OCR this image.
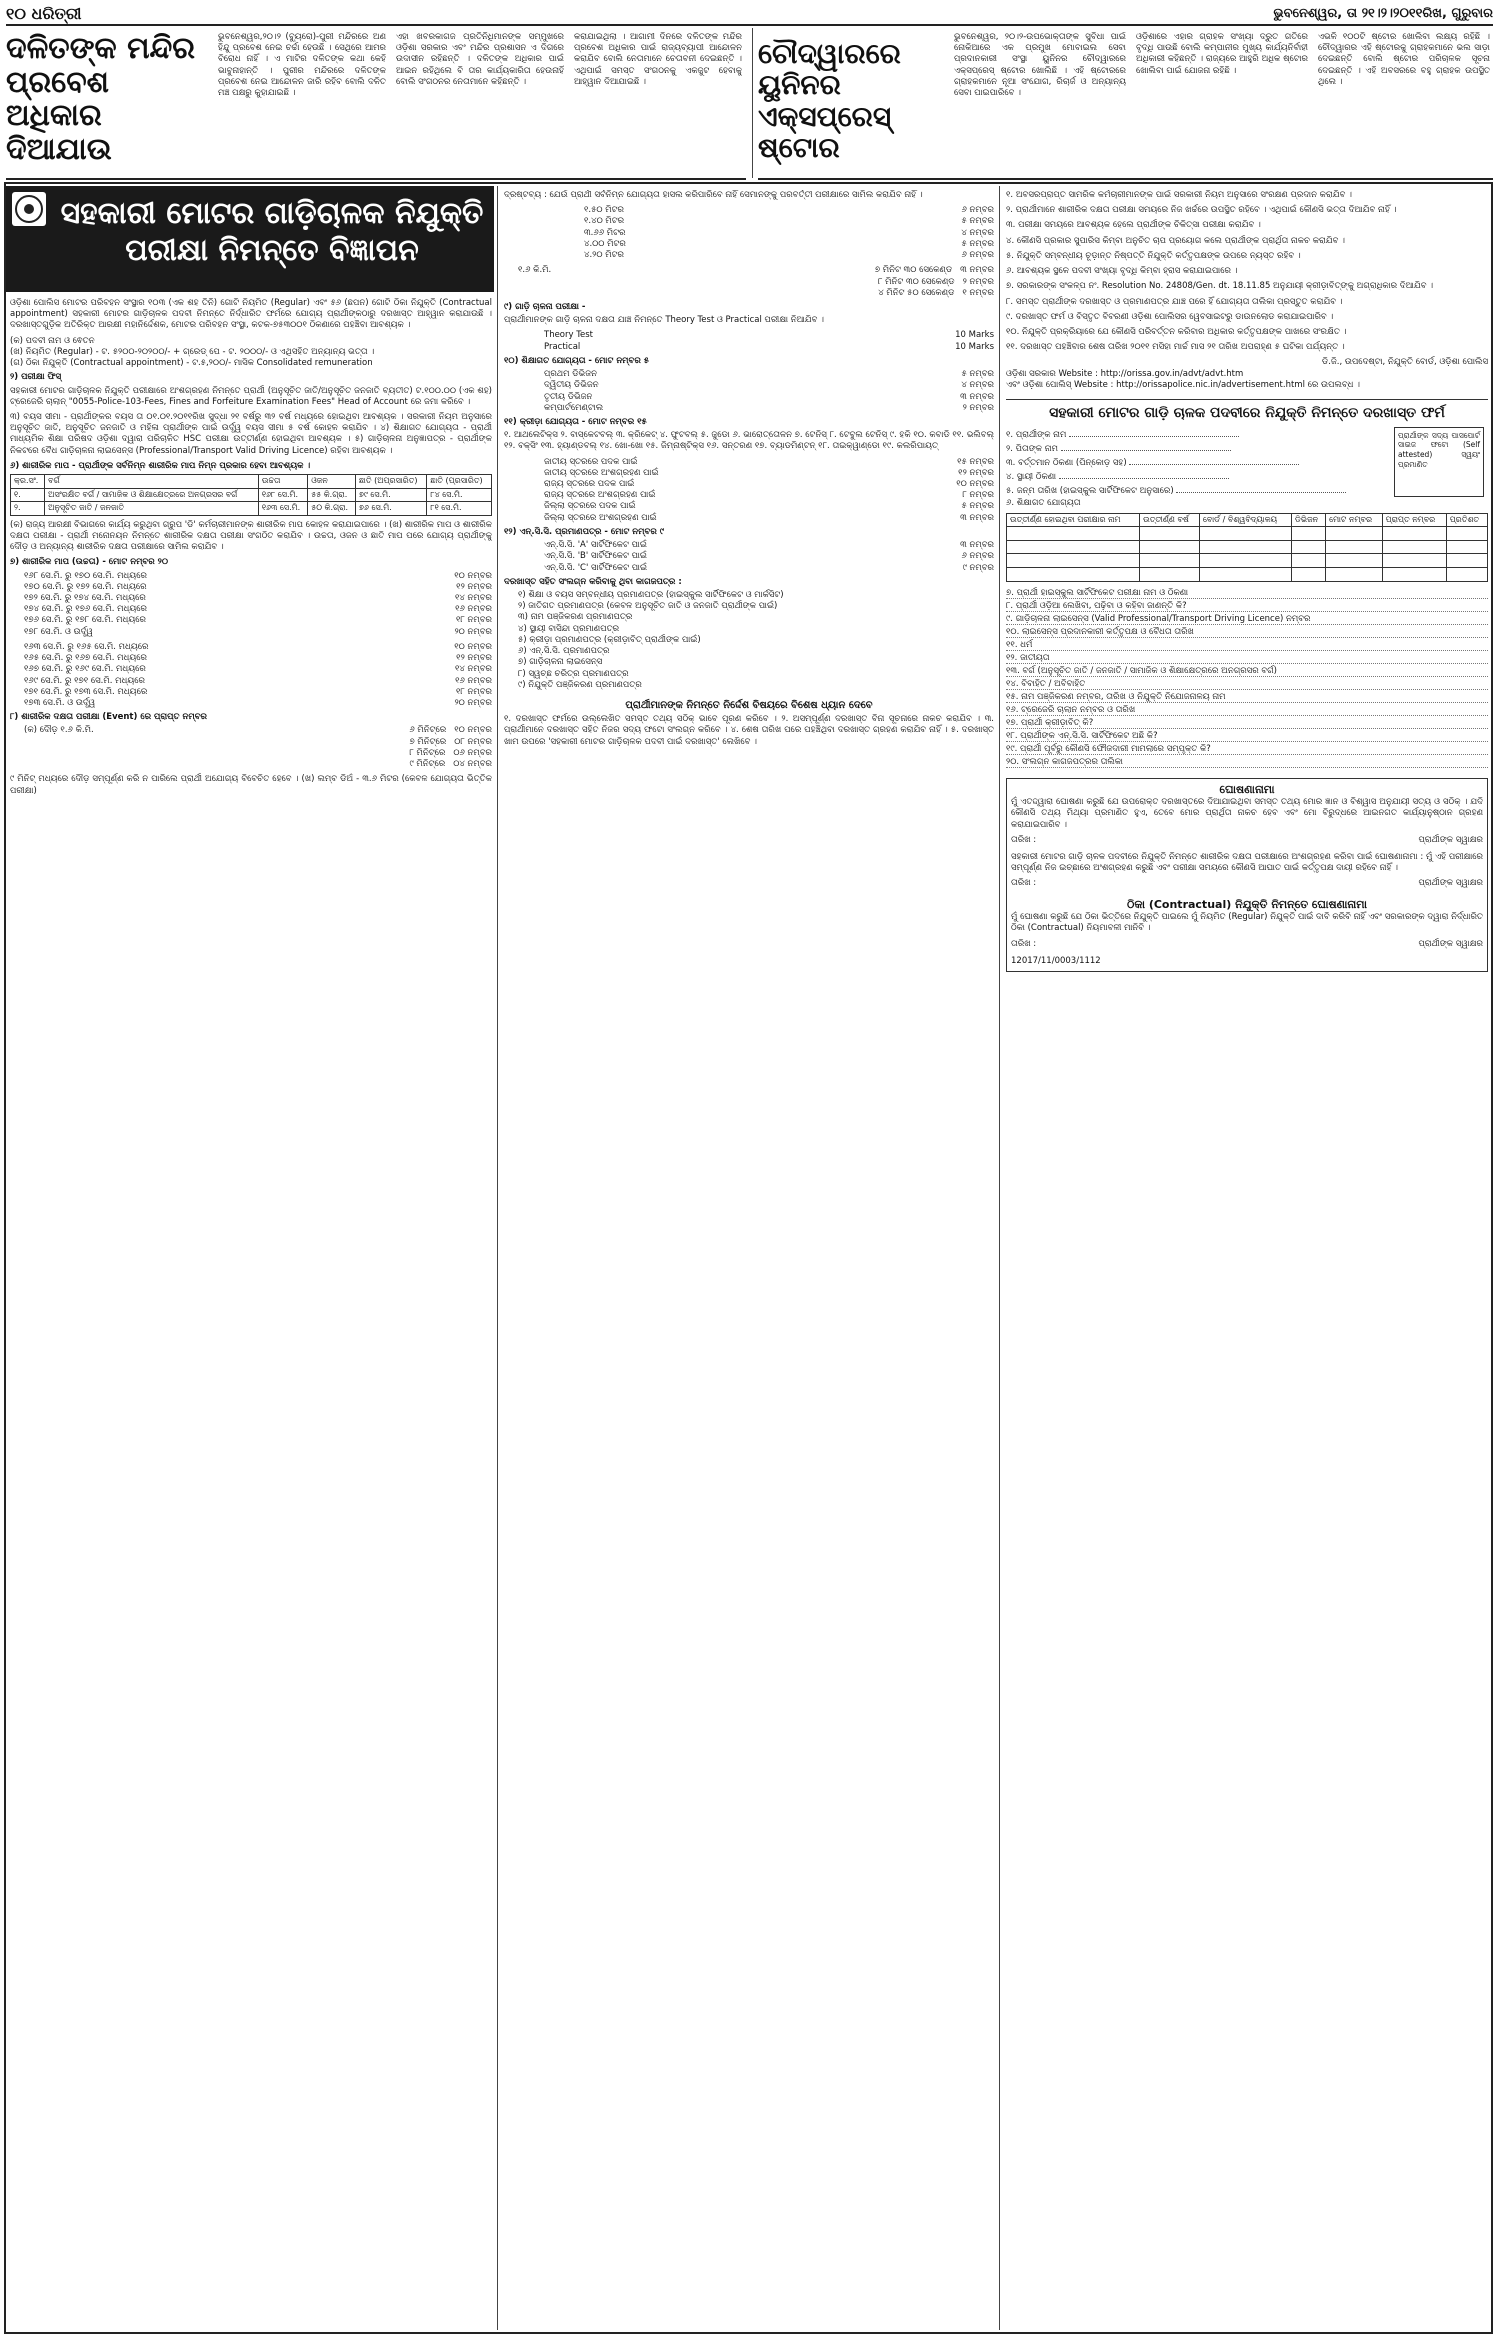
୧୦ ଧରିତ୍ରୀ	ଭୁବନେଶ୍ୱର, ତା ୨୧।୨।୨୦୧୧ରିଖ, ଗୁରୁବାର
ଦଳିତଙ୍କ ମନ୍ଦିର ପ୍ରବେଶ ଅଧିକାର ଦିଆଯାଉ
ଭୁବନେଶ୍ୱର,୨୦।୨ (ବ୍ୟୁରୋ)-ପୁରୀ ମନ୍ଦିରରେ ଅଣ ହିନ୍ଦୁ ପ୍ରବେଶ ନେଇ ଚର୍ଚ୍ଚା ହେଉଛି । ସେଥିରେ ଆମର ବିରୋଧ ନାହିଁ । ଏ ମାଟିର ଦଳିତଙ୍କ କଥା କେହି ଭାବୁନାହାନ୍ତି । ପୁରୀର ମନ୍ଦିରରେ ଦଳିତଙ୍କ ପ୍ରବେଶ ନେଇ ଆନ୍ଦୋଳନ ଜାରି ରହିବ ବୋଲି ଦଳିତ ମଞ୍ଚ ପକ୍ଷରୁ କୁହାଯାଇଛି ।
ଏହା ଖବରକାଗଜ ପ୍ରତିନିଧିମାନଙ୍କ ସମ୍ମୁଖରେ ଓଡ଼ିଶା ସରକାର ଏବଂ ମନ୍ଦିର ପ୍ରଶାସନ ଏ ଦିଗରେ ଉଦାସୀନ ରହିଛନ୍ତି । ଦଳିତଙ୍କ ଅଧିକାର ପାଇଁ ଆଇନ ରହିଥିଲେ ବି ତାର କାର୍ଯ୍ୟକାରିତା ହେଉନାହିଁ ବୋଲି ସଂଗଠନର ନେତାମାନେ କହିଛନ୍ତି ।
କରାଯାଇଥିଲା । ଆଗାମୀ ଦିନରେ ଦଳିତଙ୍କ ମନ୍ଦିର ପ୍ରବେଶ ଅଧିକାର ପାଇଁ ରାଜ୍ୟବ୍ୟାପୀ ଆନ୍ଦୋଳନ କରାଯିବ ବୋଲି ନେତାମାନେ ଚେତାବନୀ ଦେଇଛନ୍ତି । ଏଥିପାଇଁ ସମସ୍ତ ସଂଗଠନକୁ ଏକଜୁଟ ହେବାକୁ ଆହ୍ୱାନ ଦିଆଯାଇଛି ।
ଚୌଦ୍ୱାରରେ ୟୁନିନର ଏକ୍ସପ୍ରେସ୍ ଷ୍ଟୋର
ଭୁବନେଶ୍ୱର, ୨୦।୨-ଉପଭୋକ୍ତାଙ୍କ ସୁବିଧା ପାଇଁ ନୋକିଆରେ ଏକ ପ୍ରମୁଖ ମୋବାଇଲ ସେବା ପ୍ରଦାନକାରୀ ସଂସ୍ଥା ୟୁନିନର ଚୌଦ୍ୱାରରେ ଏକ୍ସପ୍ରେସ୍ ଷ୍ଟୋର ଖୋଲିଛି । ଏହି ଷ୍ଟୋରରେ ଗ୍ରାହକମାନେ ନୂଆ ସଂଯୋଗ, ରିଚାର୍ଜ ଓ ଅନ୍ୟାନ୍ୟ ସେବା ପାଇପାରିବେ ।
ଓଡ଼ିଶାରେ ଏହାର ଗ୍ରାହକ ସଂଖ୍ୟା ଦ୍ରୁତ ଗତିରେ ବୃଦ୍ଧି ପାଉଛି ବୋଲି କମ୍ପାନୀର ମୁଖ୍ୟ କାର୍ଯ୍ୟନିର୍ବାହୀ ଅଧିକାରୀ କହିଛନ୍ତି । ରାଜ୍ୟରେ ଆହୁରି ଅଧିକ ଷ୍ଟୋର ଖୋଲିବା ପାଇଁ ଯୋଜନା ରହିଛି ।
ଏଭଳି ୧୦୦ଟି ଷ୍ଟୋର ଖୋଲିବା ଲକ୍ଷ୍ୟ ରହିଛି । ଚୌଦ୍ୱାରର ଏହି ଷ୍ଟୋରକୁ ଗ୍ରାହକମାନେ ଭଲ ସାଡ଼ା ଦେଇଛନ୍ତି ବୋଲି ଷ୍ଟୋର ପରିଚାଳକ ସୂଚନା ଦେଇଛନ୍ତି । ଏହି ଅବସରରେ ବହୁ ଗ୍ରାହକ ଉପସ୍ଥିତ ଥିଲେ ।
ସହକାରୀ ମୋଟର ଗାଡ଼ିଚାଳକ ନିଯୁକ୍ତି ପରୀକ୍ଷା ନିମନ୍ତେ ବିଜ୍ଞାପନ

ଓଡ଼ିଶା ପୋଲିସ ମୋଟର ପରିବହନ ସଂସ୍ଥାର ୧୦୩ (ଏକ ଶହ ତିନି) ଗୋଟି ନିୟମିତ (Regular) ଏବଂ ୫୬ (ଛପନ) ଗୋଟି ଠିକା ନିଯୁକ୍ତି (Contractual appointment) ସହକାରୀ ମୋଟର ଗାଡ଼ିଚାଳକ ପଦବୀ ନିମନ୍ତେ ନିର୍ଦ୍ଧାରିତ ଫର୍ମରେ ଯୋଗ୍ୟ ପ୍ରାର୍ଥୀଙ୍କଠାରୁ ଦରଖାସ୍ତ ଆହ୍ୱାନ କରାଯାଉଛି । ଦରଖାସ୍ତଗୁଡ଼ିକ ଅତିରିକ୍ତ ଆରକ୍ଷୀ ମହାନିର୍ଦ୍ଦେଶକ, ମୋଟର ପରିବହନ ସଂସ୍ଥା, କଟକ-୭୫୩୦୦୧ ଠିକଣାରେ ପହଞ୍ଚିବା ଆବଶ୍ୟକ ।

(କ) ପଦବୀ ନାମ ଓ ଵେତନ
(ଖ) ନିୟମିତ (Regular) - ଟ. ୫୨୦୦-୨୦୨୦୦/- + ଗ୍ରେଡ୍ ପେ - ଟ. ୨୦୦୦/- ଓ ଏଥିସହିତ ଅନ୍ୟାନ୍ୟ ଭତ୍ତା ।
(ଗ) ଠିକା ନିଯୁକ୍ତି (Contractual appointment) - ଟ.୫,୨୦୦/- ମାସିକ Consolidated remuneration
୨) ପରୀକ୍ଷା ଫିସ୍

ସହକାରୀ ମୋଟର ଗାଡ଼ିଚାଳକ ନିଯୁକ୍ତି ପରୀକ୍ଷାରେ ଅଂଶଗ୍ରହଣ ନିମନ୍ତେ ପ୍ରାର୍ଥୀ (ଅନୁସୂଚିତ ଜାତି/ଅନୁସୂଚିତ ଜନଜାତି ବ୍ୟତୀତ) ଟ.୧୦୦.୦୦ (ଏକ ଶହ) ଟ୍ରେଜେରି ଚାଲାନ୍ "0055-Police-103-Fees, Fines and Forfeiture Examination Fees" Head of Account ରେ ଜମା କରିବେ ।

୩) ବୟସ ସୀମା - ପ୍ରାର୍ଥୀଙ୍କର ବୟସ ତା ୦୧.୦୧.୨୦୧୧ରିଖ ସୁଦ୍ଧା ୨୧ ବର୍ଷରୁ ୩୨ ବର୍ଷ ମଧ୍ୟରେ ହୋଇଥିବା ଆବଶ୍ୟକ । ସରକାରୀ ନିୟମ ଅନୁସାରେ ଅନୁସୂଚିତ ଜାତି, ଅନୁସୂଚିତ ଜନଜାତି ଓ ମହିଳା ପ୍ରାର୍ଥୀଙ୍କ ପାଇଁ ଉର୍ଦ୍ଧ୍ୱ ବୟସ ସୀମା ୫ ବର୍ଷ କୋହଳ କରାଯିବ । ୪) ଶିକ୍ଷାଗତ ଯୋଗ୍ୟତା - ପ୍ରାର୍ଥୀ ମାଧ୍ୟମିକ ଶିକ୍ଷା ପରିଷଦ ଓଡ଼ିଶା ଦ୍ୱାରା ପରିଚାଳିତ HSC ପରୀକ୍ଷା ଉତ୍ତୀର୍ଣ୍ଣ ହୋଇଥିବା ଆବଶ୍ୟକ । ୫) ଗାଡ଼ିଚାଳନା ଅନୁଜ୍ଞାପତ୍ର - ପ୍ରାର୍ଥୀଙ୍କ ନିକଟରେ ବୈଧ ଗାଡ଼ିଚାଳନା ଲାଇସେନ୍ସ (Professional/Transport Valid Driving Licence) ରହିବା ଆବଶ୍ୟକ ।

୬) ଶାରୀରିକ ମାପ - ପ୍ରାର୍ଥୀଙ୍କ ସର୍ବନିମ୍ନ ଶାରୀରିକ ମାପ ନିମ୍ନ ପ୍ରକାର ହେବା ଆବଶ୍ୟକ ।
କ୍ର.ସଂ.	ବର୍ଗ	ଉଚ୍ଚତା	ଓଜନ	ଛାତି (ଅପ୍ରସାରିତ)	ଛାତି (ପ୍ରସାରିତ)
୧.	ଅସଂରକ୍ଷିତ ବର୍ଗ / ସାମାଜିକ ଓ ଶିକ୍ଷାକ୍ଷେତ୍ରରେ ଅନଗ୍ରସର ବର୍ଗ	୧୬୮ ସେ.ମି.	୫୫ କି.ଗ୍ରା.	୭୯ ସେ.ମି.	୮୪ ସେ.ମି.
୨.	ଅନୁସୂଚିତ ଜାତି / ଜନଜାତି	୧୬୩ ସେ.ମି.	୫୦ କି.ଗ୍ରା.	୭୬ ସେ.ମି.	୮୧ ସେ.ମି.

(କ) ରାଜ୍ୟ ଆରକ୍ଷୀ ବିଭାଗରେ କାର୍ଯ୍ୟ କରୁଥିବା ଗ୍ରୁପ 'ଡି' କର୍ମଚାରୀମାନଙ୍କ ଶାରୀରିକ ମାପ କୋହଳ କରାଯାଇପାରେ । (ଖ) ଶାରୀରିକ ମାପ ଓ ଶାରୀରିକ ଦକ୍ଷତା ପରୀକ୍ଷା - ପ୍ରାର୍ଥୀ ମନୋନୟନ ନିମନ୍ତେ ଶାରୀରିକ ଦକ୍ଷତା ପରୀକ୍ଷା ସଂଗଠିତ କରାଯିବ । ଉଚ୍ଚତା, ଓଜନ ଓ ଛାତି ମାପ ପରେ ଯୋଗ୍ୟ ପ୍ରାର୍ଥୀଙ୍କୁ ଦୌଡ଼ ଓ ଅନ୍ୟାନ୍ୟ ଶାରୀରିକ ଦକ୍ଷତା ପରୀକ୍ଷାରେ ସାମିଲ କରାଯିବ ।

୭) ଶାରୀରିକ ମାପ (ଉଚ୍ଚତା) - ମୋଟ ନମ୍ବର ୨୦
୧୬୮ ସେ.ମି. ରୁ ୧୭୦ ସେ.ମି. ମଧ୍ୟରେ	୧୦ ନମ୍ବର
୧୭୦ ସେ.ମି. ରୁ ୧୭୨ ସେ.ମି. ମଧ୍ୟରେ	୧୨ ନମ୍ବର
୧୭୨ ସେ.ମି. ରୁ ୧୭୪ ସେ.ମି. ମଧ୍ୟରେ	୧୪ ନମ୍ବର
୧୭୪ ସେ.ମି. ରୁ ୧୭୬ ସେ.ମି. ମଧ୍ୟରେ	୧୬ ନମ୍ବର
୧୭୬ ସେ.ମି. ରୁ ୧୭୮ ସେ.ମି. ମଧ୍ୟରେ	୧୮ ନମ୍ବର
୧୭୮ ସେ.ମି. ଓ ଉର୍ଦ୍ଧ୍ୱ	୨୦ ନମ୍ବର
୧୬୩ ସେ.ମି. ରୁ ୧୬୫ ସେ.ମି. ମଧ୍ୟରେ	୧୦ ନମ୍ବର
୧୬୫ ସେ.ମି. ରୁ ୧୬୭ ସେ.ମି. ମଧ୍ୟରେ	୧୨ ନମ୍ବର
୧୬୭ ସେ.ମି. ରୁ ୧୬୯ ସେ.ମି. ମଧ୍ୟରେ	୧୪ ନମ୍ବର
୧୬୯ ସେ.ମି. ରୁ ୧୭୧ ସେ.ମି. ମଧ୍ୟରେ	୧୬ ନମ୍ବର
୧୭୧ ସେ.ମି. ରୁ ୧୭୩ ସେ.ମି. ମଧ୍ୟରେ	୧୮ ନମ୍ବର
୧୭୩ ସେ.ମି. ଓ ଉର୍ଦ୍ଧ୍ୱ	୨୦ ନମ୍ବର
୮) ଶାରୀରିକ ଦକ୍ଷତା ପରୀକ୍ଷା (Event) ରେ ପ୍ରାପ୍ତ ନମ୍ବର
(କ) ଦୌଡ଼ ୧.୬ କି.ମି.	୬ ମିନିଟ୍‌ରେ ୧୦ ନମ୍ବର
୭ ମିନିଟ୍‌ରେ ୦୮ ନମ୍ବର
୮ ମିନିଟ୍‌ରେ ୦୬ ନମ୍ବର
୯ ମିନିଟ୍‌ରେ ୦୪ ନମ୍ବର

୯ ମିନିଟ୍ ମଧ୍ୟରେ ଦୌଡ଼ ସମ୍ପୂର୍ଣ୍ଣ କରି ନ ପାରିଲେ ପ୍ରାର୍ଥୀ ଅଯୋଗ୍ୟ ବିବେଚିତ ହେବେ । (ଖ) ଲମ୍ବ ଡିଅଁ - ୩.୬ ମିଟର (କେବଳ ଯୋଗ୍ୟତା ଭିତ୍ତିକ ପରୀକ୍ଷା)

ଦ୍ରଷ୍ଟବ୍ୟ : ଯେଉଁ ପ୍ରାର୍ଥୀ ସର୍ବନିମ୍ନ ଯୋଗ୍ୟତା ହାସଲ କରିପାରିବେ ନାହିଁ ସେମାନଙ୍କୁ ପରବର୍ତ୍ତୀ ପରୀକ୍ଷାରେ ସାମିଲ କରାଯିବ ନାହିଁ ।

୧.୫୦ ମିଟର	୬ ନମ୍ବର
୧.୪୦ ମିଟର	୫ ନମ୍ବର
୩.୬୬ ମିଟର	୪ ନମ୍ବର
୪.୦୦ ମିଟର	୫ ନମ୍ବର
୪.୨୦ ମିଟର	୬ ନମ୍ବର
୧.୬ କି.ମି.	୭ ମିନିଟ ୩୦ ସେକେଣ୍ଡ ୩ ନମ୍ବର
୮ ମିନିଟ ୩୦ ସେକେଣ୍ଡ ୨ ନମ୍ବର
୪ ମିନିଟ ୫୦ ସେକେଣ୍ଡ ୧ ନମ୍ବର
୯) ଗାଡ଼ି ଚାଳନା ପରୀକ୍ଷା -

ପ୍ରାର୍ଥୀମାନଙ୍କ ଗାଡ଼ି ଚାଳନା ଦକ୍ଷତା ଯାଞ୍ଚ ନିମନ୍ତେ Theory Test ଓ Practical ପରୀକ୍ଷା ନିଆଯିବ ।

Theory Test	10 Marks
Practical	10 Marks
୧୦) ଶିକ୍ଷାଗତ ଯୋଗ୍ୟତା - ମୋଟ ନମ୍ବର ୫
ପ୍ରଥମ ଡିଭିଜନ	୫ ନମ୍ବର
ଦ୍ୱିତୀୟ ଡିଭିଜନ	୪ ନମ୍ବର
ତୃତୀୟ ଡିଭିଜନ	୩ ନମ୍ବର
କମ୍ପାର୍ଟମେଣ୍ଟାଲ	୨ ନମ୍ବର
୧୧) କ୍ରୀଡ଼ା ଯୋଗ୍ୟତା - ମୋଟ ନମ୍ବର ୧୫

୧. ଆଥଲେଟିକ୍ସ ୨. ବାସ୍କେଟବଲ୍ ୩. କ୍ରିକେଟ୍ ୪. ଫୁଟବଲ୍ ୫. ଜୁଡୋ ୬. ଭାରୋତ୍ତୋଳନ ୭. ଟେନିସ୍ ୮. ଟେବୁଲ ଟେନିସ୍ ୯. ହକି ୧୦. କବାଡି ୧୧. ଭଲିବଲ୍ ୧୨. ବକ୍ସିଂ ୧୩. ହ୍ୟାଣ୍ଡବଲ୍ ୧୪. ଖୋ-ଖୋ ୧୫. ଜିମ୍ନାଷ୍ଟିକ୍ସ ୧୬. ସନ୍ତରଣ ୧୭. ବ୍ୟାଡମିଣ୍ଟନ୍ ୧୮. ତାଇକ୍ୱାଣ୍ଡୋ ୧୯. କଲରିପାୟତ୍

ଜାତୀୟ ସ୍ତରରେ ପଦକ ପାଇଁ	୧୫ ନମ୍ବର
ଜାତୀୟ ସ୍ତରରେ ଅଂଶଗ୍ରହଣ ପାଇଁ	୧୨ ନମ୍ବର
ରାଜ୍ୟ ସ୍ତରରେ ପଦକ ପାଇଁ	୧୦ ନମ୍ବର
ରାଜ୍ୟ ସ୍ତରରେ ଅଂଶଗ୍ରହଣ ପାଇଁ	୮ ନମ୍ବର
ଜିଲ୍ଲା ସ୍ତରରେ ପଦକ ପାଇଁ	୫ ନମ୍ବର
ଜିଲ୍ଲା ସ୍ତରରେ ଅଂଶଗ୍ରହଣ ପାଇଁ	୩ ନମ୍ବର
୧୨) ଏନ୍.ସି.ସି. ପ୍ରମାଣପତ୍ର - ମୋଟ ନମ୍ବର ୯
ଏନ୍.ସି.ସି. 'A' ସାର୍ଟିଫିକେଟ ପାଇଁ	୩ ନମ୍ବର
ଏନ୍.ସି.ସି. 'B' ସାର୍ଟିଫିକେଟ ପାଇଁ	୬ ନମ୍ବର
ଏନ୍.ସି.ସି. 'C' ସାର୍ଟିଫିକେଟ ପାଇଁ	୯ ନମ୍ବର
ଦରଖାସ୍ତ ସହିତ ସଂଲଗ୍ନ କରିବାକୁ ଥିବା କାଗଜପତ୍ର :
୧) ଶିକ୍ଷା ଓ ବୟସ ସମ୍ବନ୍ଧୀୟ ପ୍ରମାଣପତ୍ର (ହାଇସ୍କୁଲ ସାର୍ଟିଫିକେଟ ଓ ମାର୍କସିଟ)
୨) ଜାତିଗତ ପ୍ରମାଣପତ୍ର (କେବଳ ଅନୁସୂଚିତ ଜାତି ଓ ଜନଜାତି ପ୍ରାର୍ଥୀଙ୍କ ପାଇଁ)
୩) ନାମ ପଞ୍ଜିକରଣ ପ୍ରମାଣପତ୍ର
୪) ସ୍ଥାୟୀ ବାସିନ୍ଦା ପ୍ରମାଣପତ୍ର
୫) କ୍ରୀଡ଼ା ପ୍ରମାଣପତ୍ର (କ୍ରୀଡ଼ାବିତ୍ ପ୍ରାର୍ଥୀଙ୍କ ପାଇଁ)
୬) ଏନ୍.ସି.ସି. ପ୍ରମାଣପତ୍ର
୭) ଗାଡ଼ିଚାଳନା ଲାଇସେନ୍ସ
୮) ସ୍ୱଚ୍ଛ ଚରିତ୍ର ପ୍ରମାଣପତ୍ର
୯) ନିଯୁକ୍ତି ପଞ୍ଜିକରଣ ପ୍ରମାଣପତ୍ର
ପ୍ରାର୍ଥୀମାନଙ୍କ ନିମନ୍ତେ ନିର୍ଦ୍ଦେଶ ବିଷୟରେ ବିଶେଷ ଧ୍ୟାନ ଦେବେ

୧. ଦରଖାସ୍ତ ଫର୍ମରେ ଉଲ୍ଲେଖିତ ସମସ୍ତ ତଥ୍ୟ ସଠିକ୍ ଭାବେ ପୂରଣ କରିବେ । ୨. ଅସମ୍ପୂର୍ଣ୍ଣ ଦରଖାସ୍ତ ବିନା ସୂଚନାରେ ନାକଚ କରାଯିବ । ୩. ପ୍ରାର୍ଥୀମାନେ ଦରଖାସ୍ତ ସହିତ ନିଜର ସଦ୍ୟ ଫଟୋ ସଂଲଗ୍ନ କରିବେ । ୪. ଶେଷ ତାରିଖ ପରେ ପହଞ୍ଚିଥିବା ଦରଖାସ୍ତ ଗ୍ରହଣ କରାଯିବ ନାହିଁ । ୫. ଦରଖାସ୍ତ ଖାମ ଉପରେ 'ସହକାରୀ ମୋଟର ଗାଡ଼ିଚାଳକ ପଦବୀ ପାଇଁ ଦରଖାସ୍ତ' ଲେଖିବେ ।

୧. ଅବସରପ୍ରାପ୍ତ ସାମରିକ କର୍ମଚାରୀମାନଙ୍କ ପାଇଁ ସରକାରୀ ନିୟମ ଅନୁସାରେ ସଂରକ୍ଷଣ ପ୍ରଦାନ କରାଯିବ ।

୨. ପ୍ରାର୍ଥୀମାନେ ଶାରୀରିକ ଦକ୍ଷତା ପରୀକ୍ଷା ସମୟରେ ନିଜ ଖର୍ଚ୍ଚରେ ଉପସ୍ଥିତ ରହିବେ । ଏଥିପାଇଁ କୌଣସି ଭତ୍ତା ଦିଆଯିବ ନାହିଁ ।

୩. ପରୀକ୍ଷା ସମୟରେ ଆବଶ୍ୟକ ହେଲେ ପ୍ରାର୍ଥୀଙ୍କ ଚିକିତ୍ସା ପରୀକ୍ଷା କରାଯିବ ।

୪. କୌଣସି ପ୍ରକାର ସୁପାରିସ କିମ୍ବା ଅନୁଚିତ ଚାପ ପ୍ରୟୋଗ କଲେ ପ୍ରାର୍ଥୀଙ୍କ ପ୍ରାର୍ଥିତା ନାକଚ କରାଯିବ ।

୫. ନିଯୁକ୍ତି ସମ୍ବନ୍ଧୀୟ ଚୂଡ଼ାନ୍ତ ନିଷ୍ପତ୍ତି ନିଯୁକ୍ତି କର୍ତ୍ତୃପକ୍ଷଙ୍କ ଉପରେ ନ୍ୟସ୍ତ ରହିବ ।

୬. ଆବଶ୍ୟକ ସ୍ଥଳେ ପଦବୀ ସଂଖ୍ୟା ବୃଦ୍ଧି କିମ୍ବା ହ୍ରାସ କରାଯାଇପାରେ ।

୭. ସରକାରଙ୍କ ସଂକଳ୍ପ ନଂ. Resolution No. 24808/Gen. dt. 18.11.85 ଅନୁଯାୟୀ କ୍ରୀଡ଼ାବିତ୍‌ଙ୍କୁ ଅଗ୍ରାଧିକାର ଦିଆଯିବ ।

୮. ସମସ୍ତ ପ୍ରାର୍ଥୀଙ୍କ ଦରଖାସ୍ତ ଓ ପ୍ରମାଣପତ୍ର ଯାଞ୍ଚ ପରେ ହିଁ ଯୋଗ୍ୟତା ତାଲିକା ପ୍ରସ୍ତୁତ କରାଯିବ ।

୯. ଦରଖାସ୍ତ ଫର୍ମ ଓ ବିସ୍ତୃତ ବିବରଣୀ ଓଡ଼ିଶା ପୋଲିସର ୱେବସାଇଟରୁ ଡାଉନଲୋଡ କରାଯାଇପାରିବ ।

୧୦. ନିଯୁକ୍ତି ପ୍ରକ୍ରିୟାରେ ଯେ କୌଣସି ପରିବର୍ତ୍ତନ କରିବାର ଅଧିକାର କର୍ତ୍ତୃପକ୍ଷଙ୍କ ପାଖରେ ସଂରକ୍ଷିତ ।

୧୧. ଦରଖାସ୍ତ ପହଞ୍ଚିବାର ଶେଷ ତାରିଖ ୨୦୧୧ ମସିହା ମାର୍ଚ୍ଚ ମାସ ୨୧ ତାରିଖ ଅପରାହ୍ଣ ୫ ଘଟିକା ପର୍ଯ୍ୟନ୍ତ ।

ଡି.ଜି., ଉପଦେଷ୍ଟା, ନିଯୁକ୍ତି ବୋର୍ଡ, ଓଡ଼ିଶା ପୋଲିସ
ଓଡ଼ିଶା ସରକାର Website : http://orissa.gov.in/advt/advt.htm
ଏବଂ ଓଡ଼ିଶା ପୋଲିସ୍ Website : http://orissapolice.nic.in/advertisement.html ରେ ଉପଲବ୍ଧ ।
ସହକାରୀ ମୋଟର ଗାଡ଼ି ଚାଳକ ପଦବୀରେ ନିଯୁକ୍ତି ନିମନ୍ତେ ଦରଖାସ୍ତ ଫର୍ମ
ପ୍ରାର୍ଥୀଙ୍କ ସଦ୍ୟ ପାସପୋର୍ଟ ସାଇଜ ଫଟୋ (Self attested) ସ୍ୱୟଂ ପ୍ରମାଣିତ
୧. ପ୍ରାର୍ଥୀଙ୍କ ନାମ
୨. ପିତାଙ୍କ ନାମ
୩. ବର୍ତ୍ତମାନ ଠିକଣା (ପିନ୍‌କୋଡ଼ ସହ)
୪. ସ୍ଥାୟୀ ଠିକଣା
୫. ଜନ୍ମ ତାରିଖ (ହାଇସ୍କୁଲ ସାର୍ଟିଫିକେଟ ଅନୁସାରେ)
୬. ଶିକ୍ଷାଗତ ଯୋଗ୍ୟତା
ଉତ୍ତୀର୍ଣ୍ଣ ହୋଇଥିବା ପରୀକ୍ଷାର ନାମ	ଉତ୍ତୀର୍ଣ୍ଣ ବର୍ଷ	ବୋର୍ଡ / ବିଶ୍ୱବିଦ୍ୟାଳୟ	ଡିଭିଜନ	ମୋଟ ନମ୍ବର	ପ୍ରାପ୍ତ ନମ୍ବର	ପ୍ରତିଶତ

୭. ପ୍ରାର୍ଥୀ ହାଇସ୍କୁଲ ସାର୍ଟିଫିକେଟ ପରୀକ୍ଷା ନାମ ଓ ଠିକଣା
୮. ପ୍ରାର୍ଥୀ ଓଡ଼ିଆ ଲେଖିବା, ପଢ଼ିବା ଓ କହିବା ଜାଣନ୍ତି କି?
୯. ଗାଡ଼ିଚାଳନା ଲାଇସେନ୍ସ (Valid Professional/Transport Driving Licence) ନମ୍ବର
୧୦. ଲାଇସେନ୍ସ ପ୍ରଦାନକାରୀ କର୍ତ୍ତୃପକ୍ଷ ଓ ବୈଧତା ତାରିଖ
୧୧. ଧର୍ମ
୧୨. ଜାତୀୟତା
୧୩. ବର୍ଗ (ଅନୁସୂଚିତ ଜାତି / ଜନଜାତି / ସାମାଜିକ ଓ ଶିକ୍ଷାକ୍ଷେତ୍ରରେ ଅନଗ୍ରସର ବର୍ଗ)
୧୪. ବିବାହିତ / ଅବିବାହିତ
୧୫. ନାମ ପଞ୍ଜିକରଣ ନମ୍ବର, ତାରିଖ ଓ ନିଯୁକ୍ତି ନିଯୋଜନାଳୟ ନାମ
୧୬. ଟ୍ରେଜେରି ଚାଲାନ ନମ୍ବର ଓ ତାରିଖ
୧୭. ପ୍ରାର୍ଥୀ କ୍ରୀଡ଼ାବିତ୍ କି?
୧୮. ପ୍ରାର୍ଥୀଙ୍କ ଏନ୍.ସି.ସି. ସାର୍ଟିଫିକେଟ ଅଛି କି?
୧୯. ପ୍ରାର୍ଥୀ ପୂର୍ବରୁ କୌଣସି ଫୌଜଦାରୀ ମାମଲାରେ ସମ୍ପୃକ୍ତ କି?
୨୦. ସଂଲଗ୍ନ କାଗଜପତ୍ରର ତାଲିକା
ଘୋଷଣାନାମା

ମୁଁ ଏତଦ୍ଦ୍ୱାରା ଘୋଷଣା କରୁଛି ଯେ ଉପରୋକ୍ତ ଦରଖାସ୍ତରେ ଦିଆଯାଇଥିବା ସମସ୍ତ ତଥ୍ୟ ମୋର ଜ୍ଞାନ ଓ ବିଶ୍ୱାସ ଅନୁଯାୟୀ ସତ୍ୟ ଓ ସଠିକ୍ । ଯଦି କୌଣସି ତଥ୍ୟ ମିଥ୍ୟା ପ୍ରମାଣିତ ହୁଏ, ତେବେ ମୋର ପ୍ରାର୍ଥିତା ନାକଚ ହେବ ଏବଂ ମୋ ବିରୁଦ୍ଧରେ ଆଇନଗତ କାର୍ଯ୍ୟାନୁଷ୍ଠାନ ଗ୍ରହଣ କରାଯାଇପାରିବ ।

ତାରିଖ :	ପ୍ରାର୍ଥୀଙ୍କ ସ୍ୱାକ୍ଷର

ସହକାରୀ ମୋଟର ଗାଡ଼ି ଚାଳକ ପଦବୀରେ ନିଯୁକ୍ତି ନିମନ୍ତେ ଶାରୀରିକ ଦକ୍ଷତା ପରୀକ୍ଷାରେ ଅଂଶଗ୍ରହଣ କରିବା ପାଇଁ ଘୋଷଣାନାମା : ମୁଁ ଏହି ପରୀକ୍ଷାରେ ସମ୍ପୂର୍ଣ୍ଣ ନିଜ ଇଚ୍ଛାରେ ଅଂଶଗ୍ରହଣ କରୁଛି ଏବଂ ପରୀକ୍ଷା ସମୟରେ କୌଣସି ଆଘାତ ପାଇଁ କର୍ତ୍ତୃପକ୍ଷ ଦାୟୀ ରହିବେ ନାହିଁ ।

ତାରିଖ :	ପ୍ରାର୍ଥୀଙ୍କ ସ୍ୱାକ୍ଷର
ଠିକା (Contractual) ନିଯୁକ୍ତି ନିମନ୍ତେ ଘୋଷଣାନାମା

ମୁଁ ଘୋଷଣା କରୁଛି ଯେ ଠିକା ଭିତ୍ତିରେ ନିଯୁକ୍ତି ପାଇଲେ ମୁଁ ନିୟମିତ (Regular) ନିଯୁକ୍ତି ପାଇଁ ଦାବି କରିବି ନାହିଁ ଏବଂ ସରକାରଙ୍କ ଦ୍ୱାରା ନିର୍ଦ୍ଧାରିତ ଠିକା (Contractual) ନିୟମାବଳୀ ମାନିବି ।

ତାରିଖ :	ପ୍ରାର୍ଥୀଙ୍କ ସ୍ୱାକ୍ଷର
12017/11/0003/1112
